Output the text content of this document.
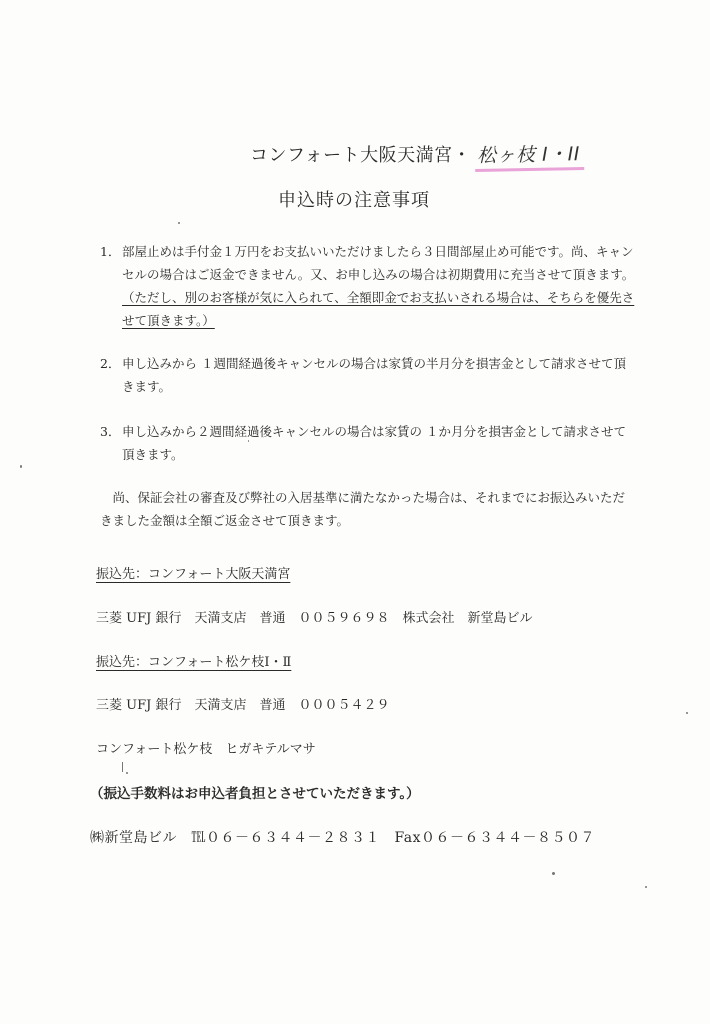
コンフォート大阪天満宮・ 松ヶ枝 I・II
申込時の注意事項
1． 部屋止めは手付金１万円をお支払いいただけましたら３日間部屋止め可能です。尚、キャンセルの場合はご返金できません。又、お申し込みの場合は初期費用に充当させて頂きます。（ただし、別のお客様が気に入られて、全額即金でお支払いされる場合は、そちらを優先させて頂きます。）
2． 申し込みから １週間経過後キャンセルの場合は家賃の半月分を損害金として請求させて頂きます。
3． 申し込みから２週間経過後キャンセルの場合は家賃の １か月分を損害金として請求させて頂きます。
尚、保証会社の審査及び弊社の入居基準に満たなかった場合は、それまでにお振込みいただきました金額は全額ご返金させて頂きます。
振込先：コンフォート大阪天満宮
三菱 UFJ 銀行　天満支店　普通　００５９６９８　株式会社　新堂島ビル
振込先：コンフォート松ケ枝Ⅰ・Ⅱ
三菱 UFJ 銀行　天満支店　普通　０００５４２９
コンフォート松ケ枝　ヒガキテルマサ
（振込手数料はお申込者負担とさせていただきます。）
㈱新堂島ビル　℡０６－６３４４－２８３１　Fax０６－６３４４－８５０７
